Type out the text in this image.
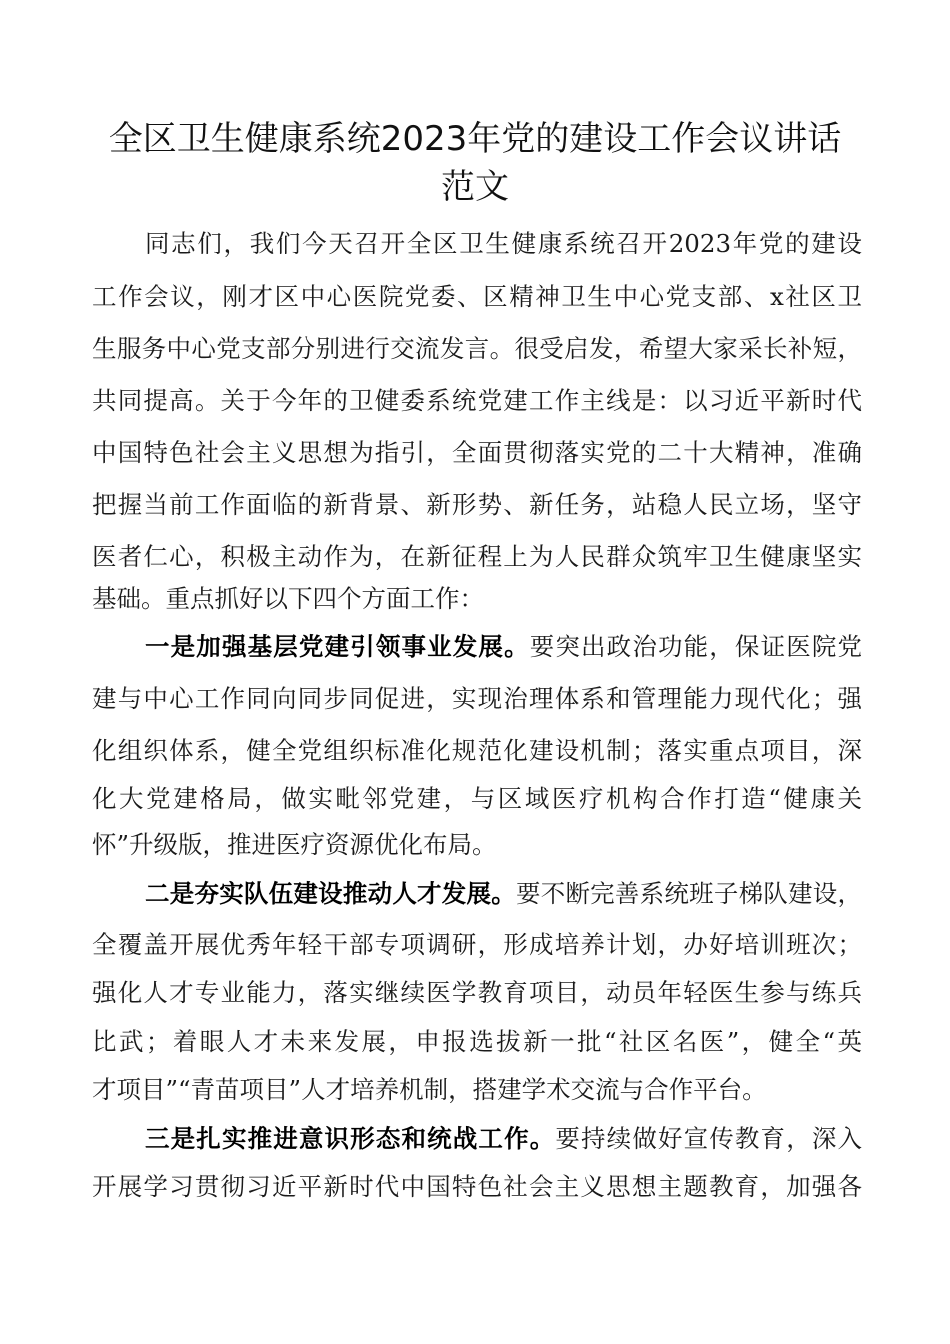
全区卫生健康系统2023年党的建设工作会议讲话
范文
同志们，我们今天召开全区卫生健康系统召开2023年党的建设
工作会议，刚才区中心医院党委、区精神卫生中心党支部、x社区卫
生服务中心党支部分别进行交流发言。很受启发，希望大家采长补短，
共同提高。关于今年的卫健委系统党建工作主线是：以习近平新时代
中国特色社会主义思想为指引，全面贯彻落实党的二十大精神，准确
把握当前工作面临的新背景、新形势、新任务，站稳人民立场，坚守
医者仁心，积极主动作为，在新征程上为人民群众筑牢卫生健康坚实
基础。重点抓好以下四个方面工作：
一是加强基层党建引领事业发展。要突出政治功能，保证医院党
建与中心工作同向同步同促进，实现治理体系和管理能力现代化；强
化组织体系，健全党组织标准化规范化建设机制；落实重点项目，深
化大党建格局，做实毗邻党建，与区域医疗机构合作打造“健康关
怀”升级版，推进医疗资源优化布局。
二是夯实队伍建设推动人才发展。要不断完善系统班子梯队建设，
全覆盖开展优秀年轻干部专项调研，形成培养计划，办好培训班次；
强化人才专业能力，落实继续医学教育项目，动员年轻医生参与练兵
比武；着眼人才未来发展，申报选拔新一批“社区名医”，健全“英
才项目”“青苗项目”人才培养机制，搭建学术交流与合作平台。
三是扎实推进意识形态和统战工作。要持续做好宣传教育，深入
开展学习贯彻习近平新时代中国特色社会主义思想主题教育，加强各
